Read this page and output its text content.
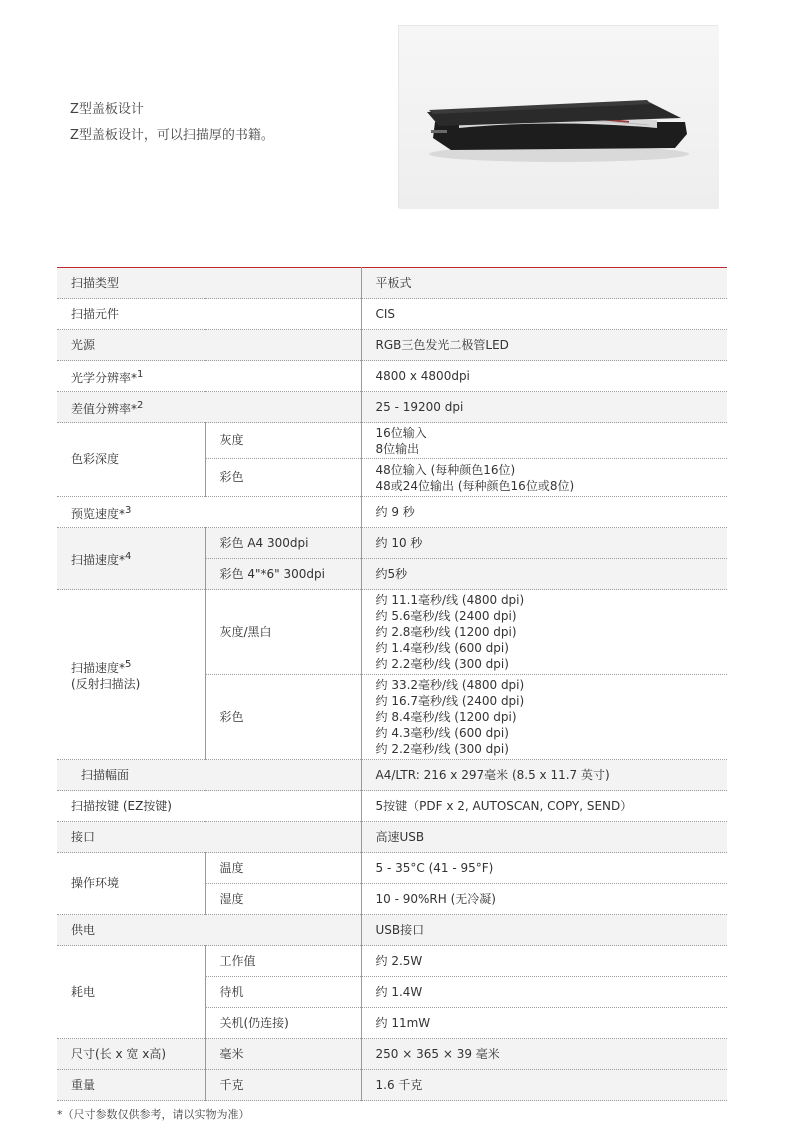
Z型盖板设计
Z型盖板设计，可以扫描厚的书籍。
扫描类型		平板式
扫描元件		CIS
光源		RGB三色发光二极管LED
光学分辨率*$^1$		4800 x 4800dpi
差值分辨率*$^2$		25 - 19200 dpi
色彩深度	灰度	16位输入
8位输出

	彩色	48位输入 (每种颜色16位)
48或24位输出 (每种颜色16位或8位)

预览速度*$^3$		约 9 秒
扫描速度*$^4$	彩色 A4 300dpi	约 10 秒
	彩色 4"*6" 300dpi	约5秒

扫描速度*$^5$
(反射扫描法)	灰度/黑白	约 11.1毫秒/线 (4800 dpi)
约 5.6毫秒/线 (2400 dpi)
约 2.8毫秒/线 (1200 dpi)
约 1.4毫秒/线 (600 dpi)
约 2.2毫秒/线 (300 dpi)

	彩色	约 33.2毫秒/线 (4800 dpi)
约 16.7毫秒/线 (2400 dpi)
约 8.4毫秒/线 (1200 dpi)
约 4.3毫秒/线 (600 dpi)
约 2.2毫秒/线 (300 dpi)

扫描幅面		A4/LTR: 216 x 297毫米 (8.5 x 11.7 英寸)
扫描按键 (EZ按键)		5按键（PDF x 2, AUTOSCAN, COPY, SEND）
接口		高速USB
操作环境	温度	5 - 35°C (41 - 95°F)
	湿度	10 - 90%RH (无冷凝)
供电		USB接口
耗电	工作值	约 2.5W
	待机	约 1.4W
	关机(仍连接)	约 11mW
尺寸(长 x 宽 x高)	毫米	250 × 365 × 39 毫米
重量	千克	1.6 千克
*（尺寸参数仅供参考，请以实物为准）
